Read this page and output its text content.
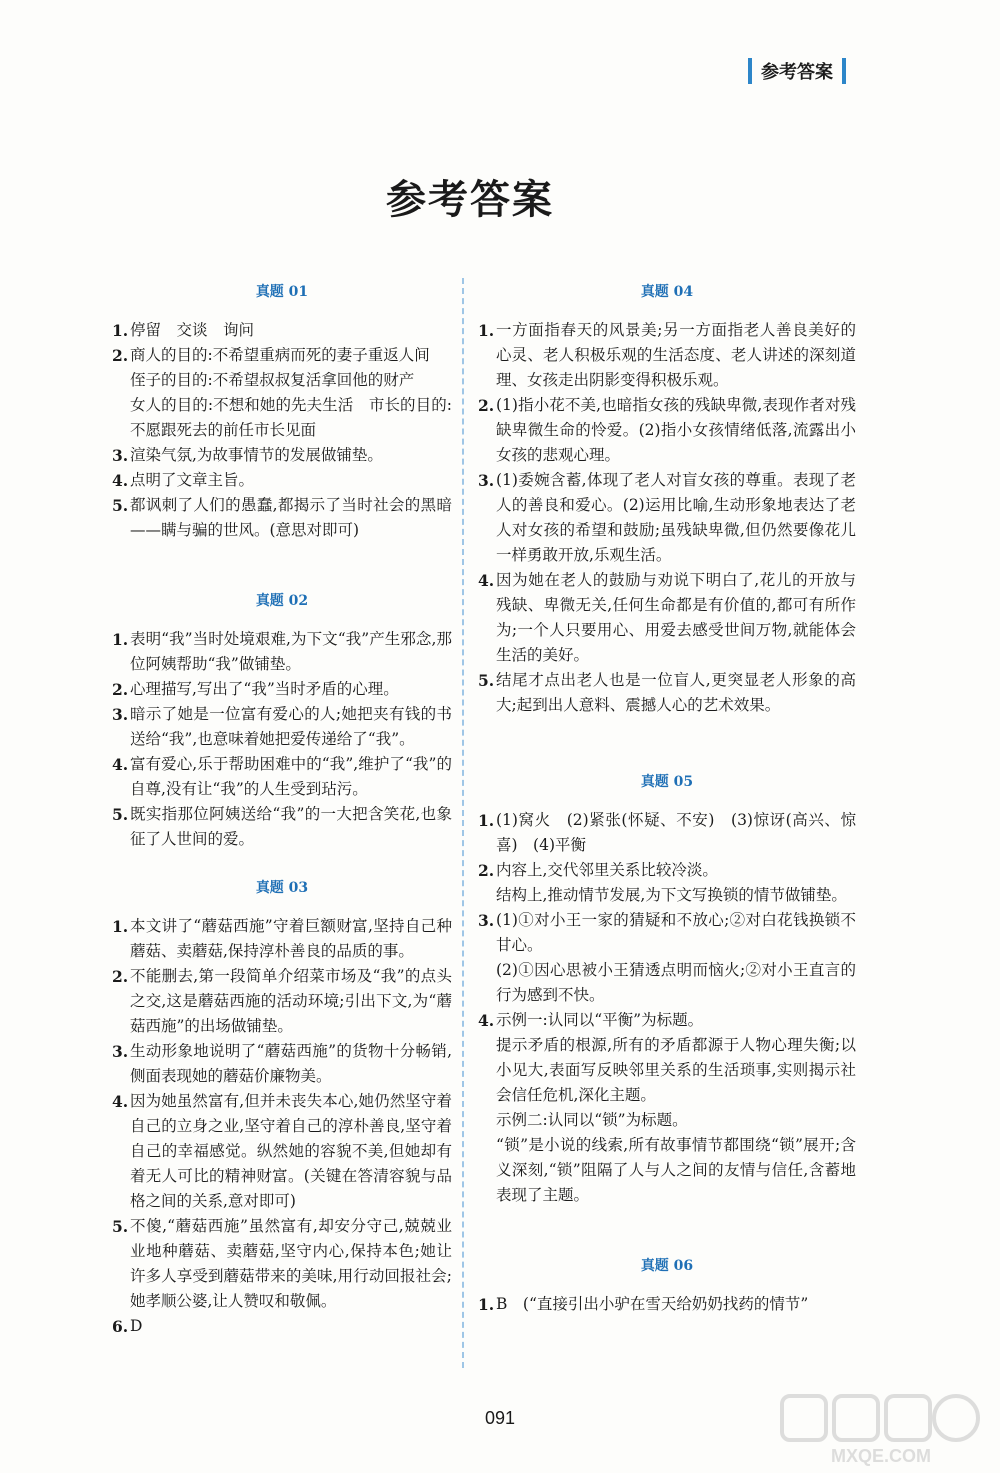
参考答案
参考答案
真题 01
1. 停留　交谈　询问

2. 商人的目的:不希望重病而死的妻子重返人间

侄子的目的:不希望叔叔复活拿回他的财产

女人的目的:不想和她的先夫生活　市长的目的:不愿跟死去的前任市长见面

3. 渲染气氛,为故事情节的发展做铺垫。

4. 点明了文章主旨。

5. 都讽刺了人们的愚蠢,都揭示了当时社会的黑暗——瞒与骗的世风。(意思对即可)

真题 02
1. 表明“我”当时处境艰难,为下文“我”产生邪念,那位阿姨帮助“我”做铺垫。

2. 心理描写,写出了“我”当时矛盾的心理。

3. 暗示了她是一位富有爱心的人;她把夹有钱的书送给“我”,也意味着她把爱传递给了“我”。

4. 富有爱心,乐于帮助困难中的“我”,维护了“我”的自尊,没有让“我”的人生受到玷污。

5. 既实指那位阿姨送给“我”的一大把含笑花,也象征了人世间的爱。

真题 03
1. 本文讲了“蘑菇西施”守着巨额财富,坚持自己种蘑菇、卖蘑菇,保持淳朴善良的品质的事。

2. 不能删去,第一段简单介绍菜市场及“我”的点头之交,这是蘑菇西施的活动环境;引出下文,为“蘑菇西施”的出场做铺垫。

3. 生动形象地说明了“蘑菇西施”的货物十分畅销,侧面表现她的蘑菇价廉物美。

4. 因为她虽然富有,但并未丧失本心,她仍然坚守着自己的立身之业,坚守着自己的淳朴善良,坚守着自己的幸福感觉。纵然她的容貌不美,但她却有着无人可比的精神财富。(关键在答清容貌与品格之间的关系,意对即可)

5. 不傻,“蘑菇西施”虽然富有,却安分守己,兢兢业业地种蘑菇、卖蘑菇,坚守内心,保持本色;她让许多人享受到蘑菇带来的美味,用行动回报社会;她孝顺公婆,让人赞叹和敬佩。

6. D

真题 04
1. 一方面指春天的风景美;另一方面指老人善良美好的心灵、老人积极乐观的生活态度、老人讲述的深刻道理、女孩走出阴影变得积极乐观。

2. (1)指小花不美,也暗指女孩的残缺卑微,表现作者对残缺卑微生命的怜爱。(2)指小女孩情绪低落,流露出小女孩的悲观心理。

3. (1)委婉含蓄,体现了老人对盲女孩的尊重。表现了老人的善良和爱心。(2)运用比喻,生动形象地表达了老人对女孩的希望和鼓励;虽残缺卑微,但仍然要像花儿一样勇敢开放,乐观生活。

4. 因为她在老人的鼓励与劝说下明白了,花儿的开放与残缺、卑微无关,任何生命都是有价值的,都可有所作为;一个人只要用心、用爱去感受世间万物,就能体会生活的美好。

5. 结尾才点出老人也是一位盲人,更突显老人形象的高大;起到出人意料、震撼人心的艺术效果。

真题 05
1. (1)窝火　(2)紧张(怀疑、不安)　(3)惊讶(高兴、惊喜)　(4)平衡

2. 内容上,交代邻里关系比较冷淡。

结构上,推动情节发展,为下文写换锁的情节做铺垫。

3. (1)①对小王一家的猜疑和不放心;②对白花钱换锁不甘心。

(2)①因心思被小王猜透点明而恼火;②对小王直言的行为感到不快。

4. 示例一:认同以“平衡”为标题。

提示矛盾的根源,所有的矛盾都源于人物心理失衡;以小见大,表面写反映邻里关系的生活琐事,实则揭示社会信任危机,深化主题。

示例二:认同以“锁”为标题。

“锁”是小说的线索,所有故事情节都围绕“锁”展开;含义深刻,“锁”阻隔了人与人之间的友情与信任,含蓄地表现了主题。

真题 06
1. B　(“直接引出小驴在雪天给奶奶找药的情节”

091
MXQE.COM
